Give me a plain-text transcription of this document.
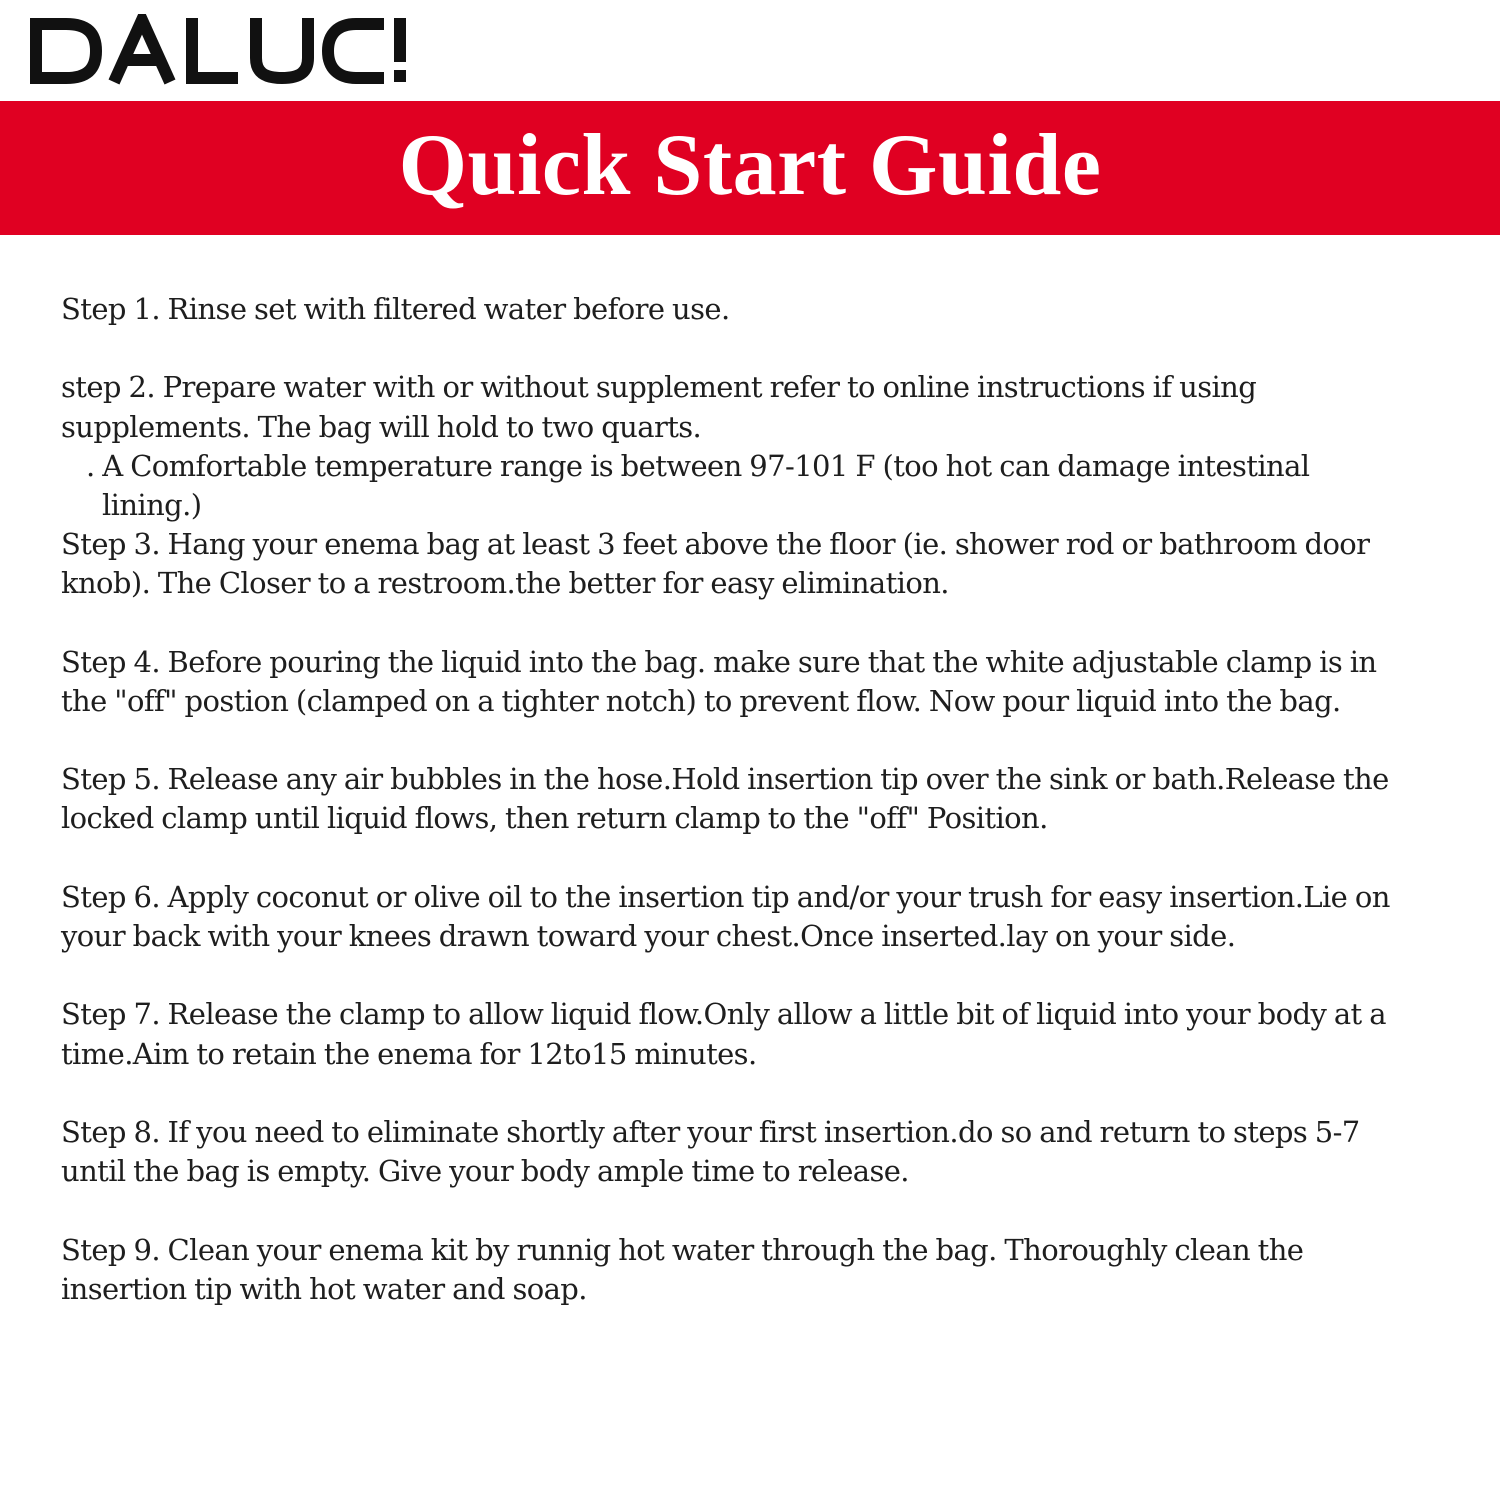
Quick Start Guide
Step 1. Rinse set with filtered water before use.
step 2. Prepare water with or without supplement refer to online instructions if using
supplements. The bag will hold to two quarts.
. A Comfortable temperature range is between 97-101 F (too hot can damage intestinal
lining.)
Step 3. Hang your enema bag at least 3 feet above the floor (ie. shower rod or bathroom door
knob). The Closer to a restroom.the better for easy elimination.
Step 4. Before pouring the liquid into the bag. make sure that the white adjustable clamp is in
the "off" postion (clamped on a tighter notch) to prevent flow. Now pour liquid into the bag.
Step 5. Release any air bubbles in the hose.Hold insertion tip over the sink or bath.Release the
locked clamp until liquid flows, then return clamp to the "off" Position.
Step 6. Apply coconut or olive oil to the insertion tip and/or your trush for easy insertion.Lie on
your back with your knees drawn toward your chest.Once inserted.lay on your side.
Step 7. Release the clamp to allow liquid flow.Only allow a little bit of liquid into your body at a
time.Aim to retain the enema for 12to15 minutes.
Step 8. If you need to eliminate shortly after your first insertion.do so and return to steps 5-7
until the bag is empty. Give your body ample time to release.
Step 9. Clean your enema kit by runnig hot water through the bag. Thoroughly clean the
insertion tip with hot water and soap.
